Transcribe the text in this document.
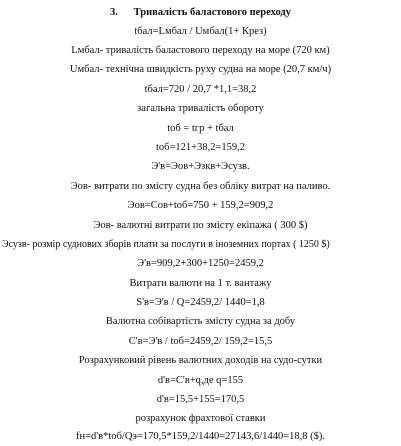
3. Тривалість баластового переходу
tбал=Lмбал / Uмбал(1+ Крез)
Lмбал- тривалість баластового переходу на море (720 км)
Uмбал- технічна швидкість руху судна на море (20,7 км/ч)
tбал=720 / 20,7 *1,1=38,2
загальна тривалість обороту
tоб = tгр + tбал
tоб=121+38,2=159,2
Э'в=Эов+Эзкв+Эсузв.
Эов- витрати по змісту судна без обліку витрат на паливо.
Эов=Сов+tоб=750 + 159,2=909,2
Эов- валютні витрати по змісту екіпажа ( 300 $)
Эсузв- розмір суднових зборів плати за послуги в іноземних портах ( 1250 $)
Э'в=909,2+300+1250=2459,2
Витрати валюти на 1 т. вантажу
S'в=Э'в / Q=2459,2/ 1440=1,8
Валютна собівартість змісту судна за добу
С'в=Э'в / tоб=2459,2/ 159,2=15,5
Розрахунковий рівень валютних доходів на судо-сутки
d'в=C'в+q,де q=155
d'в=15,5+155=170,5
розрахунок фрахтової ставки
fн=d'в*tоб/Qэ=170,5*159,2/1440=27143,6/1440=18,8 ($).
